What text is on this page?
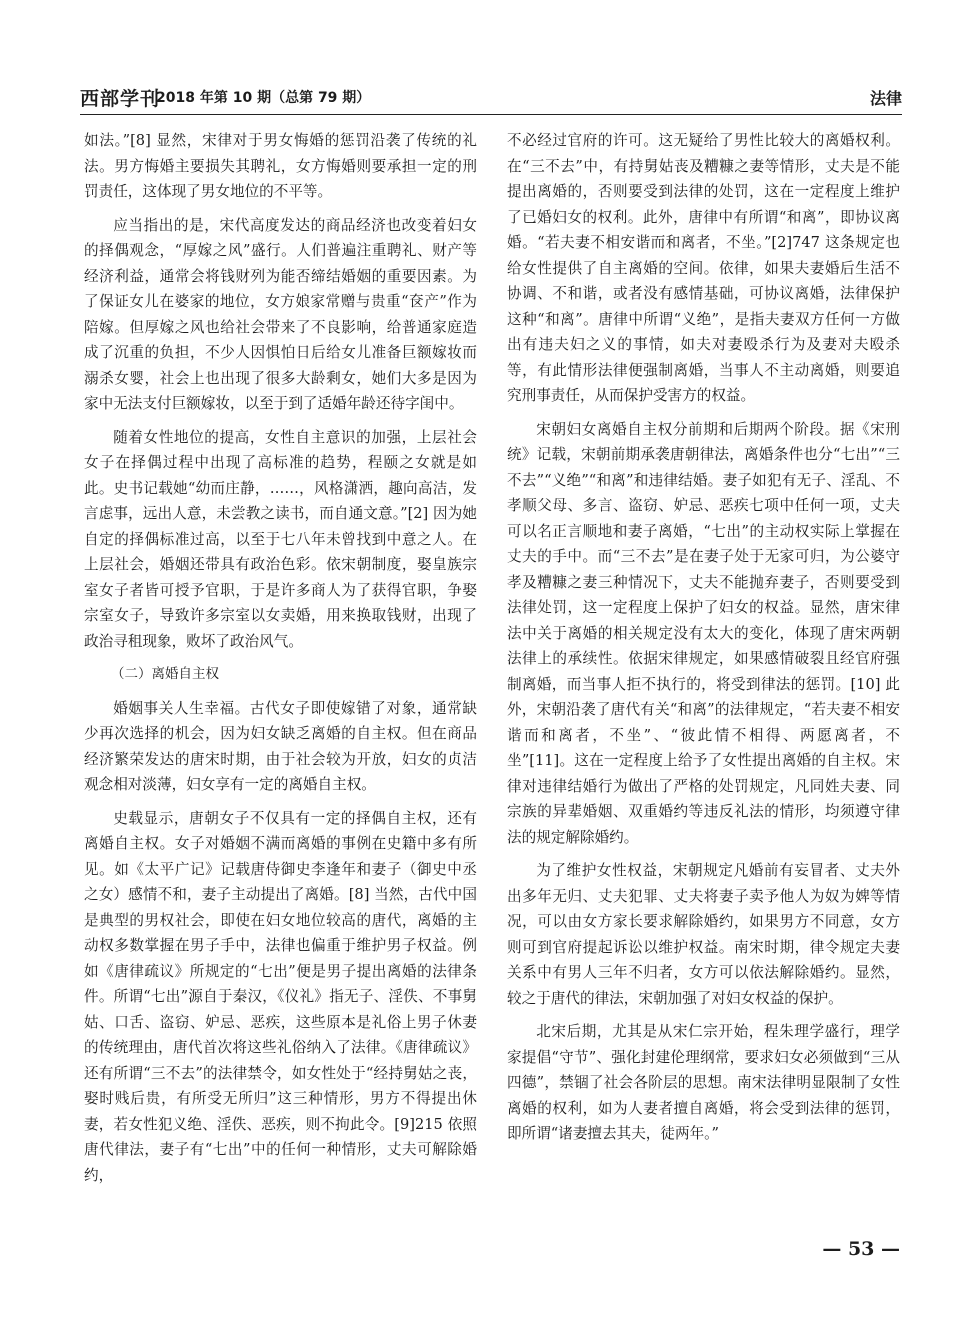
西部学刊
2018 年第 10 期（总第 79 期）	法律

如法。”[8] 显然，宋律对于男女悔婚的惩罚沿袭了传统的礼法。男方悔婚主要损失其聘礼，女方悔婚则要承担一定的刑罚责任，这体现了男女地位的不平等。

应当指出的是，宋代高度发达的商品经济也改变着妇女的择偶观念，“厚嫁之风”盛行。人们普遍注重聘礼、财产等经济利益，通常会将钱财列为能否缔结婚姻的重要因素。为了保证女儿在婆家的地位，女方娘家常赠与贵重“奁产”作为陪嫁。但厚嫁之风也给社会带来了不良影响，给普通家庭造成了沉重的负担，不少人因惧怕日后给女儿准备巨额嫁妆而溺杀女婴，社会上也出现了很多大龄剩女，她们大多是因为家中无法支付巨额嫁妆，以至于到了适婚年龄还待字闺中。

随着女性地位的提高，女性自主意识的加强，上层社会女子在择偶过程中出现了高标准的趋势，程颐之女就是如此。史书记载她“幼而庄静，……，风格潇洒，趣向高洁，发言虑事，远出人意，未尝教之读书，而自通文意。”[2] 因为她自定的择偶标准过高，以至于七八年未曾找到中意之人。在上层社会，婚姻还带具有政治色彩。依宋朝制度，娶皇族宗室女子者皆可授予官职，于是许多商人为了获得官职，争娶宗室女子，导致许多宗室以女卖婚，用来换取钱财，出现了政治寻租现象，败坏了政治风气。

（二）离婚自主权

婚姻事关人生幸福。古代女子即使嫁错了对象，通常缺少再次选择的机会，因为妇女缺乏离婚的自主权。但在商品经济繁荣发达的唐宋时期，由于社会较为开放，妇女的贞洁观念相对淡薄，妇女享有一定的离婚自主权。

史载显示，唐朝女子不仅具有一定的择偶自主权，还有离婚自主权。女子对婚姻不满而离婚的事例在史籍中多有所见。如《太平广记》记载唐侍御史李逢年和妻子（御史中丞之女）感情不和，妻子主动提出了离婚。[8] 当然，古代中国是典型的男权社会，即使在妇女地位较高的唐代，离婚的主动权多数掌握在男子手中，法律也偏重于维护男子权益。例如《唐律疏议》所规定的“七出”便是男子提出离婚的法律条件。所谓“七出”源自于秦汉，《仪礼》指无子、淫佚、不事舅姑、口舌、盗窃、妒忌、恶疾，这些原本是礼俗上男子休妻的传统理由，唐代首次将这些礼俗纳入了法律。《唐律疏议》还有所谓“三不去”的法律禁令，如女性处于“经持舅姑之丧，娶时贱后贵，有所受无所归”这三种情形，男方不得提出休妻，若女性犯义绝、淫佚、恶疾，则不拘此令。[9]215 依照唐代律法，妻子有“七出”中的任何一种情形，丈夫可解除婚约，

不必经过官府的许可。这无疑给了男性比较大的离婚权利。在“三不去”中，有持舅姑丧及糟糠之妻等情形，丈夫是不能提出离婚的，否则要受到法律的处罚，这在一定程度上维护了已婚妇女的权利。此外，唐律中有所谓“和离”，即协议离婚。“若夫妻不相安谐而和离者，不坐。”[2]747 这条规定也给女性提供了自主离婚的空间。依律，如果夫妻婚后生活不协调、不和谐，或者没有感情基础，可协议离婚，法律保护这种“和离”。唐律中所谓“义绝”，是指夫妻双方任何一方做出有违夫妇之义的事情，如夫对妻殴杀行为及妻对夫殴杀等，有此情形法律便强制离婚，当事人不主动离婚，则要追究刑事责任，从而保护受害方的权益。

宋朝妇女离婚自主权分前期和后期两个阶段。据《宋刑统》记载，宋朝前期承袭唐朝律法，离婚条件也分“七出”“三不去”“义绝”“和离”和违律结婚。妻子如犯有无子、淫乱、不孝顺父母、多言、盗窃、妒忌、恶疾七项中任何一项，丈夫可以名正言顺地和妻子离婚，“七出”的主动权实际上掌握在丈夫的手中。而“三不去”是在妻子处于无家可归，为公婆守孝及糟糠之妻三种情况下，丈夫不能抛弃妻子，否则要受到法律处罚，这一定程度上保护了妇女的权益。显然，唐宋律法中关于离婚的相关规定没有太大的变化，体现了唐宋两朝法律上的承续性。依据宋律规定，如果感情破裂且经官府强制离婚，而当事人拒不执行的，将受到律法的惩罚。[10] 此外，宋朝沿袭了唐代有关“和离”的法律规定，“若夫妻不相安谐而和离者，不坐”、“彼此情不相得、两愿离者，不坐”[11]。这在一定程度上给予了女性提出离婚的自主权。宋律对违律结婚行为做出了严格的处罚规定，凡同姓夫妻、同宗族的异辈婚姻、双重婚约等违反礼法的情形，均须遵守律法的规定解除婚约。

为了维护女性权益，宋朝规定凡婚前有妄冒者、丈夫外出多年无归、丈夫犯罪、丈夫将妻子卖予他人为奴为婢等情况，可以由女方家长要求解除婚约，如果男方不同意，女方则可到官府提起诉讼以维护权益。南宋时期，律令规定夫妻关系中有男人三年不归者，女方可以依法解除婚约。显然，较之于唐代的律法，宋朝加强了对妇女权益的保护。

北宋后期，尤其是从宋仁宗开始，程朱理学盛行，理学家提倡“守节”、强化封建伦理纲常，要求妇女必须做到“三从四德”，禁锢了社会各阶层的思想。南宋法律明显限制了女性离婚的权利，如为人妻者擅自离婚，将会受到法律的惩罚，即所谓“诸妻擅去其夫，徒两年。”

— 53 —
